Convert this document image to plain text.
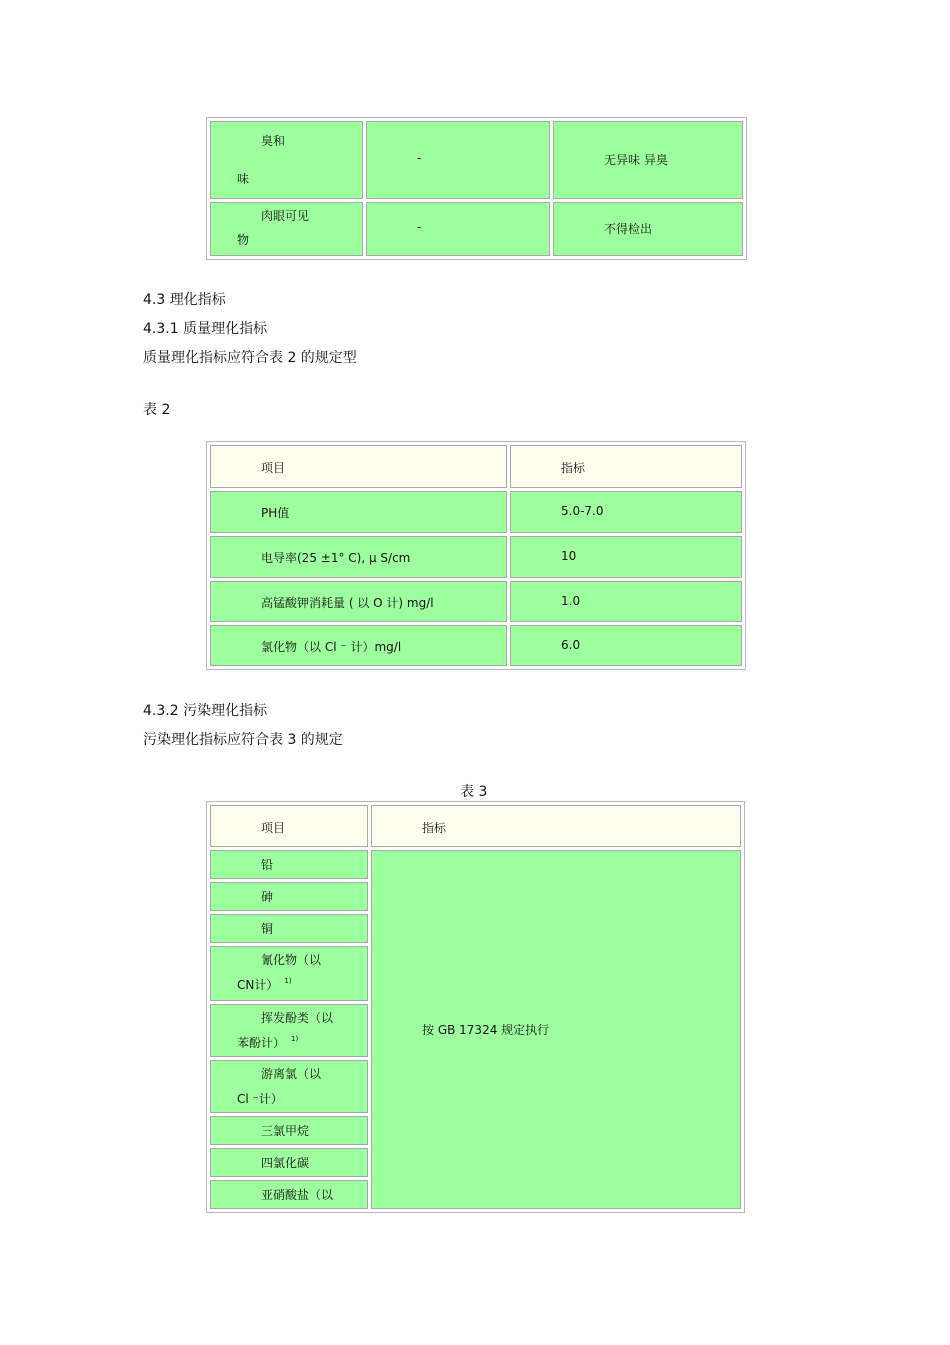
臭和
味	-	无异味 异臭

肉眼可见
物	-	不得检出
4.3 理化指标
4.3.1 质量理化指标
质量理化指标应符合表 2 的规定型
表 2
项目	指标

PH值	5.0-7.0

电导率(25 ±1° C), μ S/cm	10

高锰酸钾消耗量 ( 以 O 计) mg/l	1.0

氯化物（以 Cl ⁻ 计）mg/l	6.0
4.3.2 污染理化指标
污染理化指标应符合表 3 的规定
表 3
项目	指标

铅	按 GB 17324 规定执行

砷	

铜	

氰化物（以
CN计） $^{1)}$

挥发酚类（以
苯酚计） $^{1)}$

游离氯（以
Cl ⁻计）	

三氯甲烷	

四氯化碳	

亚硝酸盐（以	
